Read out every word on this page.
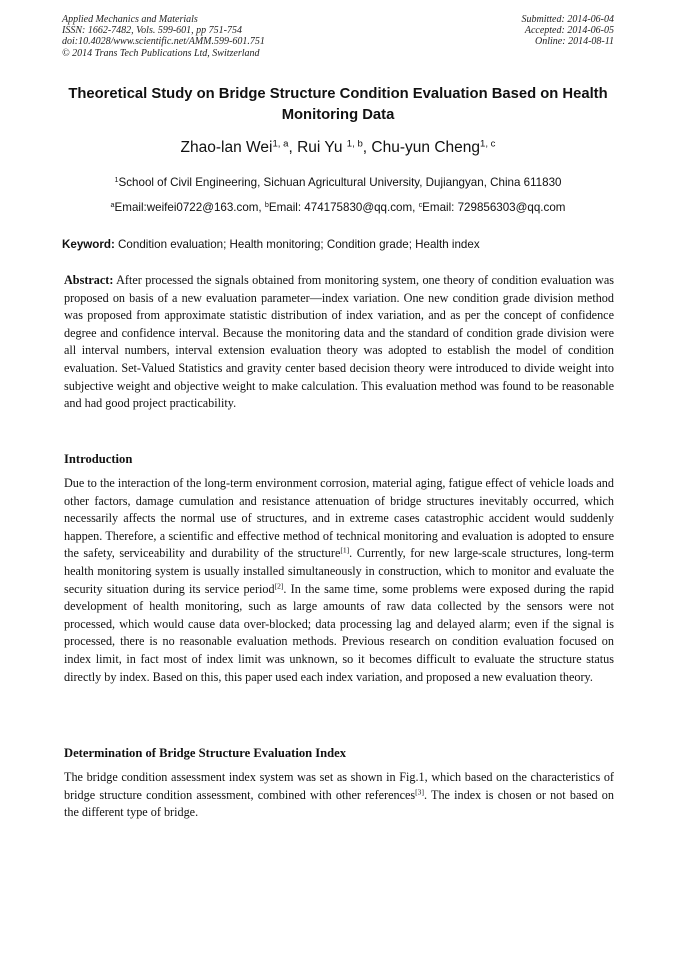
Applied Mechanics and Materials
ISSN: 1662-7482, Vols. 599-601, pp 751-754
doi:10.4028/www.scientific.net/AMM.599-601.751
© 2014 Trans Tech Publications Ltd, Switzerland
Submitted: 2014-06-04
Accepted: 2014-06-05
Online: 2014-08-11
Theoretical Study on Bridge Structure Condition Evaluation Based on Health Monitoring Data
Zhao-lan Wei$^{1, a}$, Rui Yu $^{1, b}$, Chu-yun Cheng$^{1, c}$
$^1$School of Civil Engineering, Sichuan Agricultural University, Dujiangyan, China 611830
$^a$Email:weifei0722@163.com, $^b$Email: 474175830@qq.com, $^c$Email: 729856303@qq.com
Keyword: Condition evaluation; Health monitoring; Condition grade; Health index
Abstract: After processed the signals obtained from monitoring system, one theory of condition evaluation was proposed on basis of a new evaluation parameter—index variation. One new condition grade division method was proposed from approximate statistic distribution of index variation, and as per the concept of confidence degree and confidence interval. Because the monitoring data and the standard of condition grade division were all interval numbers, interval extension evaluation theory was adopted to establish the model of condition evaluation. Set-Valued Statistics and gravity center based decision theory were introduced to divide weight into subjective weight and objective weight to make calculation. This evaluation method was found to be reasonable and had good project practicability.
Introduction
Due to the interaction of the long-term environment corrosion, material aging, fatigue effect of vehicle loads and other factors, damage cumulation and resistance attenuation of bridge structures inevitably occurred, which necessarily affects the normal use of structures, and in extreme cases catastrophic accident would suddenly happen. Therefore, a scientific and effective method of technical monitoring and evaluation is adopted to ensure the safety, serviceability and durability of the structure[1]. Currently, for new large-scale structures, long-term health monitoring system is usually installed simultaneously in construction, which to monitor and evaluate the security situation during its service period[2]. In the same time, some problems were exposed during the rapid development of health monitoring, such as large amounts of raw data collected by the sensors were not processed, which would cause data over-blocked; data processing lag and delayed alarm; even if the signal is processed, there is no reasonable evaluation methods. Previous research on condition evaluation focused on index limit, in fact most of index limit was unknown, so it becomes difficult to evaluate the structure status directly by index. Based on this, this paper used each index variation, and proposed a new evaluation theory.
Determination of Bridge Structure Evaluation Index
The bridge condition assessment index system was set as shown in Fig.1, which based on the characteristics of bridge structure condition assessment, combined with other references[3]. The index is chosen or not based on the different type of bridge.
